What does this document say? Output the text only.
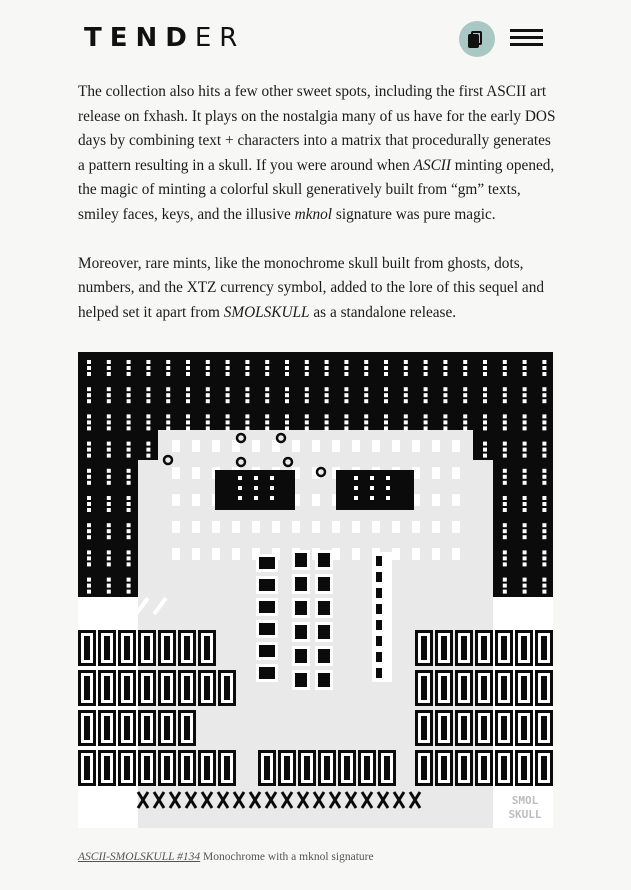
TENDER

The collection also hits a few other sweet spots, including the first ASCII art release on fxhash. It plays on the nostalgia many of us have for the early DOS days by combining text + characters into a matrix that procedurally generates a pattern resulting in a skull. If you were around when ASCII minting opened, the magic of minting a colorful skull generatively built from “gm” texts, smiley faces, keys, and the illusive mknol signature was pure magic.

Moreover, rare mints, like the monochrome skull built from ghosts, dots, numbers, and the XTZ currency symbol, added to the lore of this sequel and helped set it apart from SMOLSKULL as a standalone release.

SMOL
SKULL
ASCII-SMOLSKULL #134 Monochrome with a mknol signature
